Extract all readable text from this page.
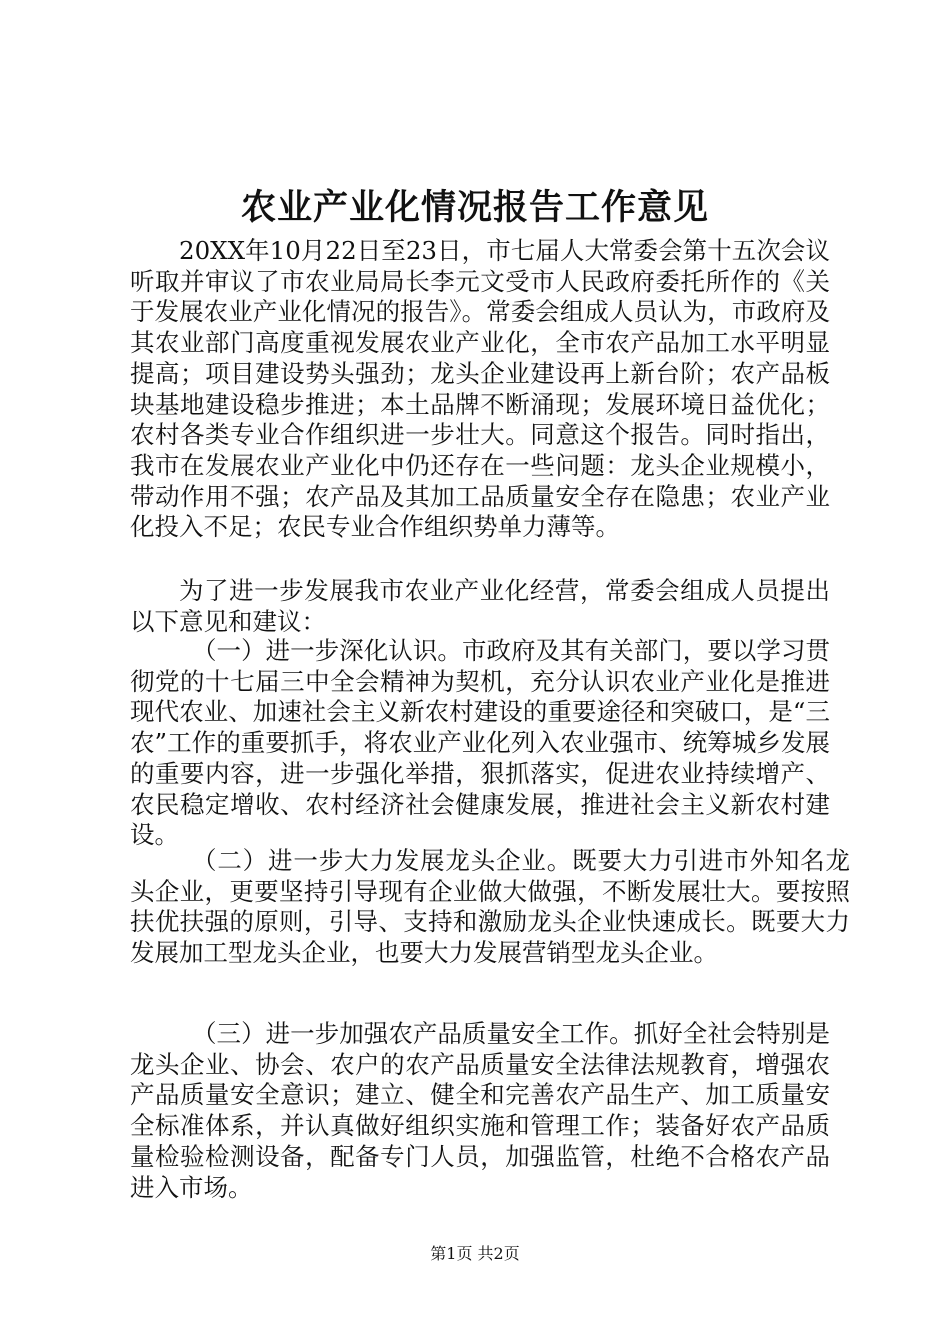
农业产业化情况报告工作意见

20XX年10月22日至23日，市七届人大常委会第十五次会议听取并审议了市农业局局长李元文受市人民政府委托所作的《关于发展农业产业化情况的报告》。常委会组成人员认为，市政府及其农业部门高度重视发展农业产业化，全市农产品加工水平明显提高；项目建设势头强劲；龙头企业建设再上新台阶；农产品板块基地建设稳步推进；本土品牌不断涌现；发展环境日益优化；农村各类专业合作组织进一步壮大。同意这个报告。同时指出，我市在发展农业产业化中仍还存在一些问题：龙头企业规模小，带动作用不强；农产品及其加工品质量安全存在隐患；农业产业化投入不足；农民专业合作组织势单力薄等。

为了进一步发展我市农业产业化经营，常委会组成人员提出以下意见和建议：

（一）进一步深化认识。市政府及其有关部门，要以学习贯彻党的十七届三中全会精神为契机，充分认识农业产业化是推进现代农业、加速社会主义新农村建设的重要途径和突破口，是“三农”工作的重要抓手，将农业产业化列入农业强市、统筹城乡发展的重要内容，进一步强化举措，狠抓落实，促进农业持续增产、农民稳定增收、农村经济社会健康发展，推进社会主义新农村建设。

（二）进一步大力发展龙头企业。既要大力引进市外知名龙头企业，更要坚持引导现有企业做大做强，不断发展壮大。要按照扶优扶强的原则，引导、支持和激励龙头企业快速成长。既要大力发展加工型龙头企业，也要大力发展营销型龙头企业。

（三）进一步加强农产品质量安全工作。抓好全社会特别是龙头企业、协会、农户的农产品质量安全法律法规教育，增强农产品质量安全意识；建立、健全和完善农产品生产、加工质量安全标准体系，并认真做好组织实施和管理工作；装备好农产品质量检验检测设备，配备专门人员，加强监管，杜绝不合格农产品进入市场。

第1页 共2页
